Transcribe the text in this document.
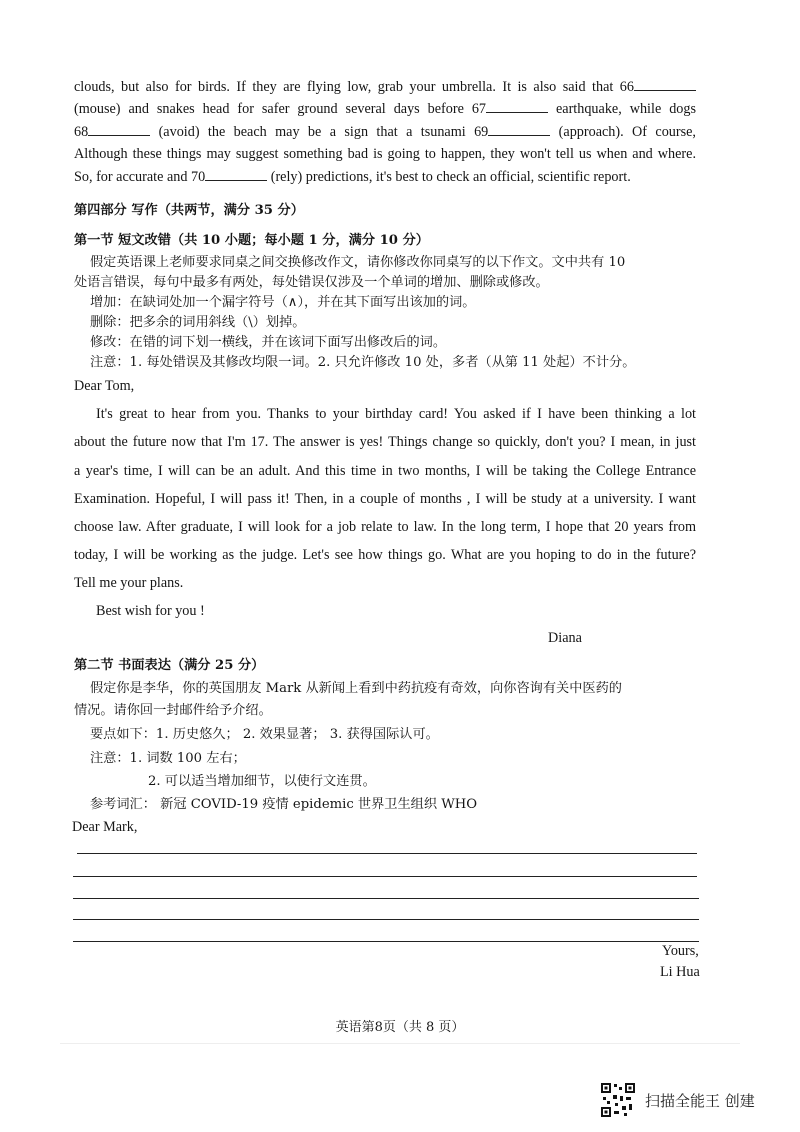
clouds, but also for birds. If they are flying low, grab your umbrella. It is also said that 66
(mouse) and snakes head for safer ground several days before 67	earthquake, while dogs
68	(avoid) the beach may be a sign that a tsunami 69	(approach). Of course,
Although these things may suggest something bad is going to happen, they won't tell us when and where.
So, for accurate and 70	(rely) predictions, it's best to check an official, scientific report.
第四部分 写作（共两节，满分 35 分）
第一节 短文改错（共 10 小题；每小题 1 分，满分 10 分）
假定英语课上老师要求同桌之间交换修改作文，请你修改你同桌写的以下作文。文中共有 10
处语言错误，每句中最多有两处，每处错误仅涉及一个单词的增加、删除或修改。
增加：在缺词处加一个漏字符号（∧），并在其下面写出该加的词。
删除：把多余的词用斜线（\）划掉。
修改：在错的词下划一横线，并在该词下面写出修改后的词。
注意：1. 每处错误及其修改均限一词。2. 只允许修改 10 处，多者（从第 11 处起）不计分。
Dear Tom,
It's great to hear from you. Thanks to your birthday card! You asked if I have been thinking a lot
about the future now that I'm 17. The answer is yes! Things change so quickly, don't you? I mean, in just
a year's time, I will can be an adult. And this time in two months, I will be taking the College Entrance
Examination. Hopeful, I will pass it! Then, in a couple of months , I will be study at a university. I want
choose law. After graduate, I will look for a job relate to law. In the long term, I hope that 20 years from
today, I will be working as the judge. Let's see how things go. What are you hoping to do in the future?
Tell me your plans.
Best wish for you !
Diana
第二节 书面表达（满分 25 分）
假定你是李华，你的英国朋友 Mark 从新闻上看到中药抗疫有奇效，向你咨询有关中医药的
情况。请你回一封邮件给予介绍。
要点如下：1. 历史悠久； 2. 效果显著； 3. 获得国际认可。
注意：1. 词数 100 左右；
2. 可以适当增加细节，以使行文连贯。
参考词汇： 新冠 COVID-19 疫情 epidemic 世界卫生组织 WHO
Dear Mark,
Yours,
Li Hua
英语第8页（共 8 页）
扫描全能王 创建
